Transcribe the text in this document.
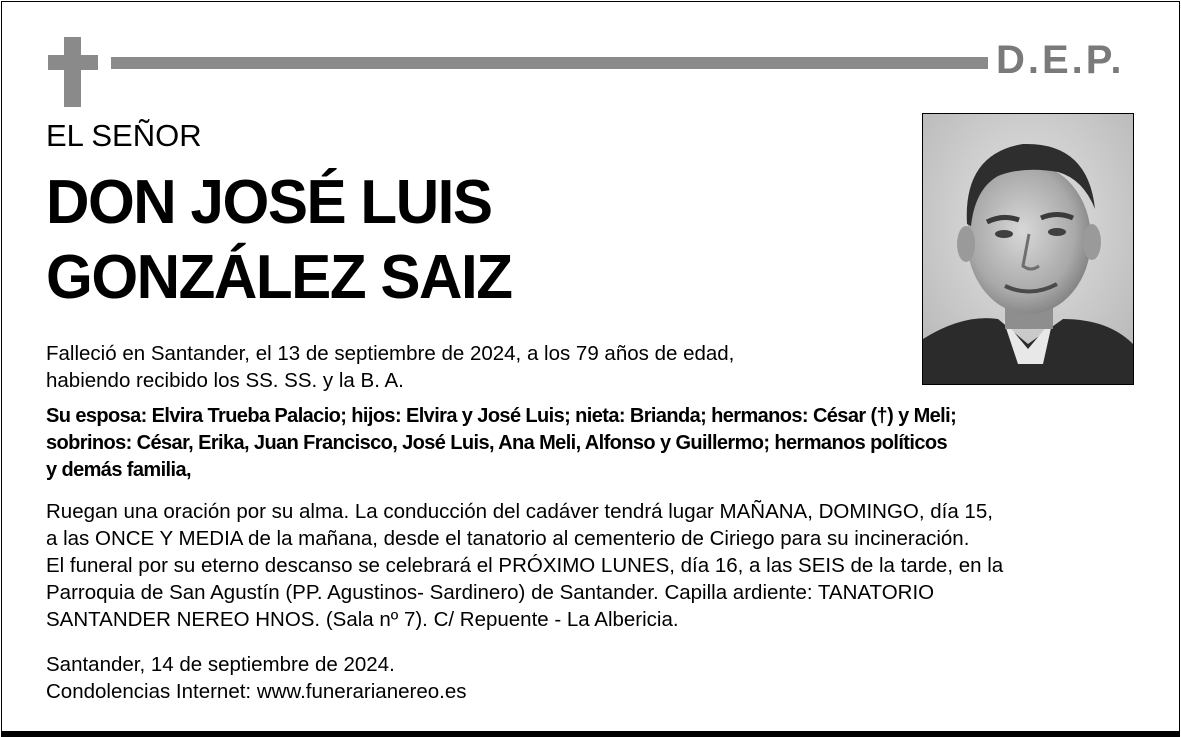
D.E.P.
EL SEÑOR
DON JOSÉ LUIS
GONZÁLEZ SAIZ
Falleció en Santander, el 13 de septiembre de 2024, a los 79 años de edad,
habiendo recibido los SS. SS. y la B. A.
Su esposa: Elvira Trueba Palacio; hijos: Elvira y José Luis; nieta: Brianda; hermanos: César (†) y Meli;
sobrinos: César, Erika, Juan Francisco, José Luis, Ana Meli, Alfonso y Guillermo; hermanos políticos
y demás familia,
Ruegan una oración por su alma. La conducción del cadáver tendrá lugar MAÑANA, DOMINGO, día 15,
a las ONCE Y MEDIA de la mañana, desde el tanatorio al cementerio de Ciriego para su incineración.
El funeral por su eterno descanso se celebrará el PRÓXIMO LUNES, día 16, a las SEIS de la tarde, en la
Parroquia de San Agustín (PP. Agustinos- Sardinero) de Santander. Capilla ardiente: TANATORIO
SANTANDER NEREO HNOS. (Sala nº 7). C/ Repuente - La Albericia.
Santander, 14 de septiembre de 2024.
Condolencias Internet: www.funerarianereo.es
